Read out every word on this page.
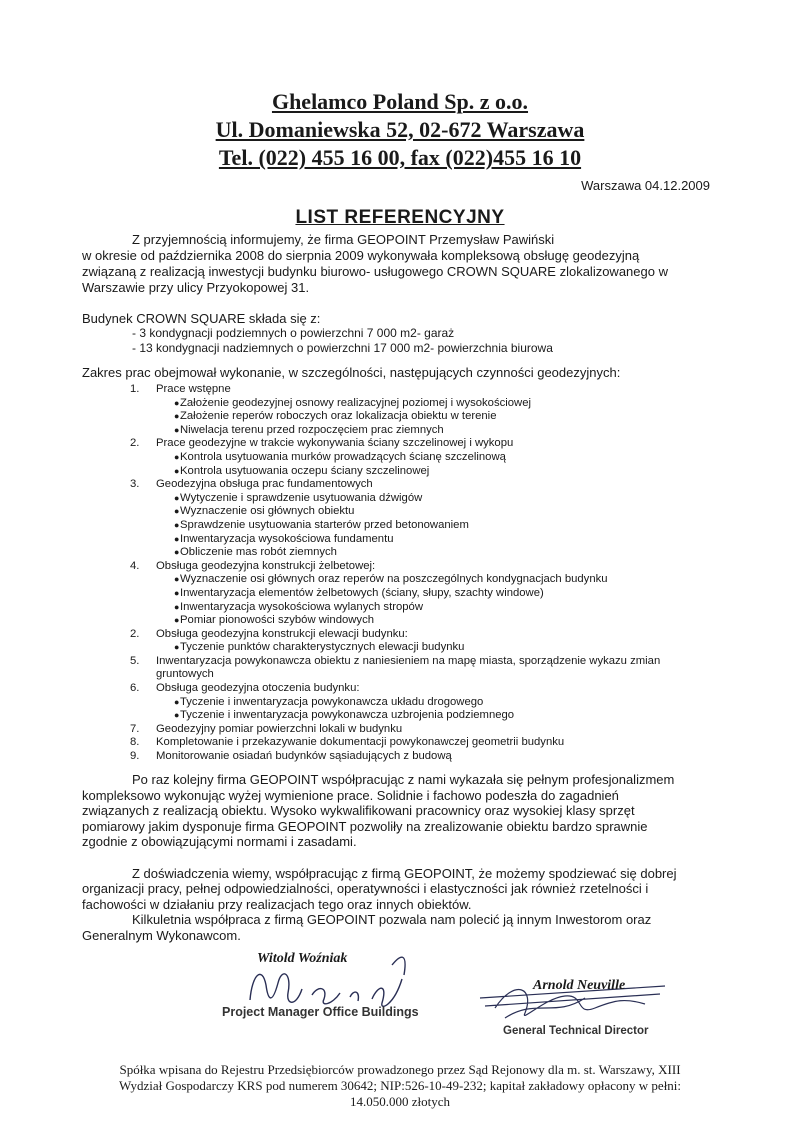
Ghelamco Poland Sp. z o.o.
Ul. Domaniewska 52, 02-672 Warszawa
Tel. (022) 455 16 00, fax (022)455 16 10
Warszawa 04.12.2009
LIST REFERENCYJNY
Z przyjemnością informujemy, że firma GEOPOINT Przemysław Pawiński
w okresie od października 2008 do sierpnia 2009 wykonywała kompleksową obsługę geodezyjną
związaną z realizacją inwestycji budynku biurowo- usługowego CROWN SQUARE zlokalizowanego w
Warszawie przy ulicy Przyokopowej 31.
Budynek CROWN SQUARE składa się z:
- 3 kondygnacji podziemnych o powierzchni 7 000 m2- garaż
- 13 kondygnacji nadziemnych o powierzchni 17 000 m2- powierzchnia biurowa
Zakres prac obejmował wykonanie, w szczególności, następujących czynności geodezyjnych:
1. Prace wstępne
● Założenie geodezyjnej osnowy realizacyjnej poziomej i wysokościowej
● Założenie reperów roboczych oraz lokalizacja obiektu w terenie
● Niwelacja terenu przed rozpoczęciem prac ziemnych
2. Prace geodezyjne w trakcie wykonywania ściany szczelinowej i wykopu
● Kontrola usytuowania murków prowadzących ścianę szczelinową
● Kontrola usytuowania oczepu ściany szczelinowej
3. Geodezyjna obsługa prac fundamentowych
● Wytyczenie i sprawdzenie usytuowania dźwigów
● Wyznaczenie osi głównych obiektu
● Sprawdzenie usytuowania starterów przed betonowaniem
● Inwentaryzacja wysokościowa fundamentu
● Obliczenie mas robót ziemnych
4. Obsługa geodezyjna konstrukcji żelbetowej:
● Wyznaczenie osi głównych oraz reperów na poszczególnych kondygnacjach budynku
● Inwentaryzacja elementów żelbetowych (ściany, słupy, szachty windowe)
● Inwentaryzacja wysokościowa wylanych stropów
● Pomiar pionowości szybów windowych
2. Obsługa geodezyjna konstrukcji elewacji budynku:
● Tyczenie punktów charakterystycznych elewacji budynku
5. Inwentaryzacja powykonawcza obiektu z naniesieniem na mapę miasta, sporządzenie wykazu zmian
gruntowych
6. Obsługa geodezyjna otoczenia budynku:
● Tyczenie i inwentaryzacja powykonawcza układu drogowego
● Tyczenie i inwentaryzacja powykonawcza uzbrojenia podziemnego
7. Geodezyjny pomiar powierzchni lokali w budynku
8. Kompletowanie i przekazywanie dokumentacji powykonawczej geometrii budynku
9. Monitorowanie osiadań budynków sąsiadujących z budową
Po raz kolejny firma GEOPOINT współpracując z nami wykazała się pełnym profesjonalizmem
kompleksowo wykonując wyżej wymienione prace. Solidnie i fachowo podeszła do zagadnień
związanych z realizacją obiektu. Wysoko wykwalifikowani pracownicy oraz wysokiej klasy sprzęt
pomiarowy jakim dysponuje firma GEOPOINT pozwoliły na zrealizowanie obiektu bardzo sprawnie
zgodnie z obowiązującymi normami i zasadami.
Z doświadczenia wiemy, współpracując z firmą GEOPOINT, że możemy spodziewać się dobrej
organizacji pracy, pełnej odpowiedzialności, operatywności i elastyczności jak również rzetelności i
fachowości w działaniu przy realizacjach tego oraz innych obiektów.
Kilkuletnia współpraca z firmą GEOPOINT pozwala nam polecić ją innym Inwestorom oraz
Generalnym Wykonawcom.
Witold Woźniak
Project Manager Office Buildings
Arnold Neuville
General Technical Director
Spółka wpisana do Rejestru Przedsiębiorców prowadzonego przez Sąd Rejonowy dla m. st. Warszawy, XIII
Wydział Gospodarczy KRS pod numerem 30642; NIP:526-10-49-232; kapitał zakładowy opłacony w pełni:
14.050.000 złotych
